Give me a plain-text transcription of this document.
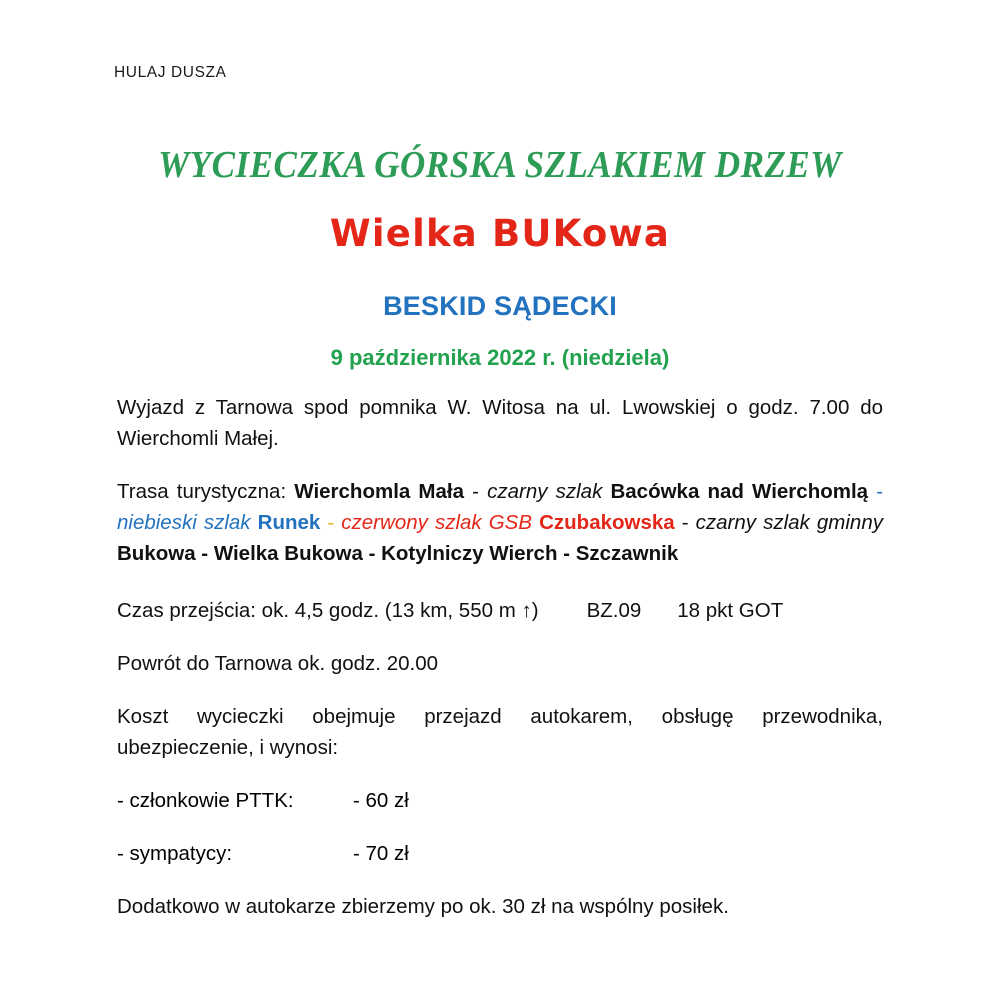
HULAJ DUSZA
WYCIECZKA GÓRSKA SZLAKIEM DRZEW
Wielka BUKowa
BESKID SĄDECKI
9 października 2022 r. (niedziela)

Wyjazd z Tarnowa spod pomnika W. Witosa na ul. Lwowskiej o godz. 7.00 do Wierchomli Małej.

Trasa turystyczna: Wierchomla Mała - czarny szlak Bacówka nad Wierchomlą - niebieski szlak Runek - czerwony szlak GSB Czubakowska - czarny szlak gminny Bukowa - Wielka Bukowa - Kotylniczy Wierch - Szczawnik

Czas przejścia: ok. 4,5 godz. (13 km, 550 m ↑) BZ.09 18 pkt GOT

Powrót do Tarnowa ok. godz. 20.00

Koszt wycieczki obejmuje przejazd autokarem, obsługę przewodnika, ubezpieczenie, i wynosi:

- członkowie PTTK:	- 60 zł
- sympatycy:	- 70 zł

Dodatkowo w autokarze zbierzemy po ok. 30 zł na wspólny posiłek.
